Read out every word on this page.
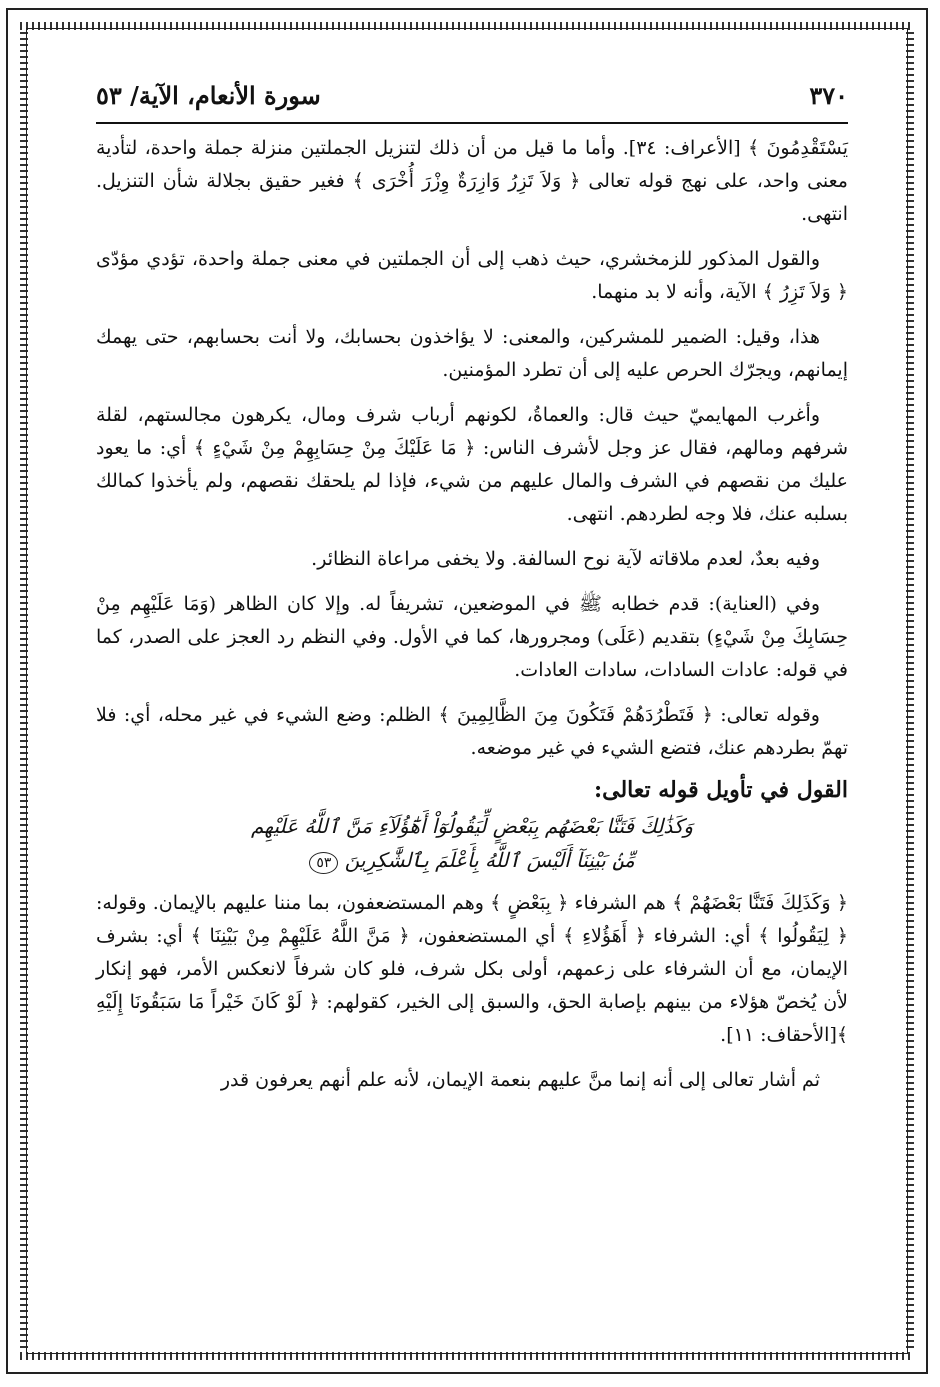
٣٧٠
سورة الأنعام، الآية/ ٥٣

يَسْتَقْدِمُونَ ﴾ [الأعراف: ٣٤]. وأما ما قيل من أن ذلك لتنزيل الجملتين منزلة جملة واحدة، لتأدية معنى واحد، على نهج قوله تعالى ﴿ وَلاَ تَزِرُ وَازِرَةٌ وِزْرَ أُخْرَى ﴾ فغير حقيق بجلالة شأن التنزيل. انتهى.

والقول المذكور للزمخشري، حيث ذهب إلى أن الجملتين في معنى جملة واحدة، تؤدي مؤدّى ﴿ وَلاَ تَزِرُ ﴾ الآية، وأنه لا بد منهما.

هذا، وقيل: الضمير للمشركين، والمعنى: لا يؤاخذون بحسابك، ولا أنت بحسابهم، حتى يهمك إيمانهم، ويجرّك الحرص عليه إلى أن تطرد المؤمنين.

وأغرب المهايميّ حيث قال: والعماةُ، لكونهم أرباب شرف ومال، يكرهون مجالستهم، لقلة شرفهم ومالهم، فقال عز وجل لأشرف الناس: ﴿ مَا عَلَيْكَ مِنْ حِسَابِهِمْ مِنْ شَيْءٍ ﴾ أي: ما يعود عليك من نقصهم في الشرف والمال عليهم من شيء، فإذا لم يلحقك نقصهم، ولم يأخذوا كمالك بسلبه عنك، فلا وجه لطردهم. انتهى.

وفيه بعدٌ، لعدم ملاقاته لآية نوح السالفة. ولا يخفى مراعاة النظائر.

وفي (العناية): قدم خطابه ﷺ في الموضعين، تشريفاً له. وإلا كان الظاهر (وَمَا عَلَيْهِم مِنْ حِسَابِكَ مِنْ شَيْءٍ) بتقديم (عَلَى) ومجرورها، كما في الأول. وفي النظم رد العجز على الصدر، كما في قوله: عادات السادات، سادات العادات.

وقوله تعالى: ﴿ فَتَطْرُدَهُمْ فَتَكُونَ مِنَ الظَّالِمِينَ ﴾ الظلم: وضع الشيء في غير محله، أي: فلا تهمّ بطردهم عنك، فتضع الشيء في غير موضعه.

القول في تأويل قوله تعالى:
وَكَذَٰلِكَ فَتَنَّا بَعْضَهُم بِبَعْضٍ لِّيَقُولُوٓاْ أَهَٰٓؤُلَآءِ مَنَّ ٱللَّهُ عَلَيْهِم
مِّنۢ بَيْنِنَآ أَلَيْسَ ٱللَّهُ بِأَعْلَمَ بِٱلشَّٰكِرِينَ ٥٣

﴿ وَكَذَلِكَ فَتَنَّا بَعْضَهُمْ ﴾ هم الشرفاء ﴿ بِبَعْضٍ ﴾ وهم المستضعفون، بما مننا عليهم بالإيمان. وقوله: ﴿ لِيَقُولُوا ﴾ أي: الشرفاء ﴿ أَهَؤُلاءِ ﴾ أي المستضعفون، ﴿ مَنَّ اللَّهُ عَلَيْهِمْ مِنْ بَيْنِنَا ﴾ أي: بشرف الإيمان، مع أن الشرفاء على زعمهم، أولى بكل شرف، فلو كان شرفاً لانعكس الأمر، فهو إنكار لأن يُخصّ هؤلاء من بينهم بإصابة الحق، والسبق إلى الخير، كقولهم: ﴿ لَوْ كَانَ خَيْراً مَا سَبَقُونَا إِلَيْهِ ﴾[الأحقاف: ١١].

ثم أشار تعالى إلى أنه إنما منَّ عليهم بنعمة الإيمان، لأنه علم أنهم يعرفون قدر
